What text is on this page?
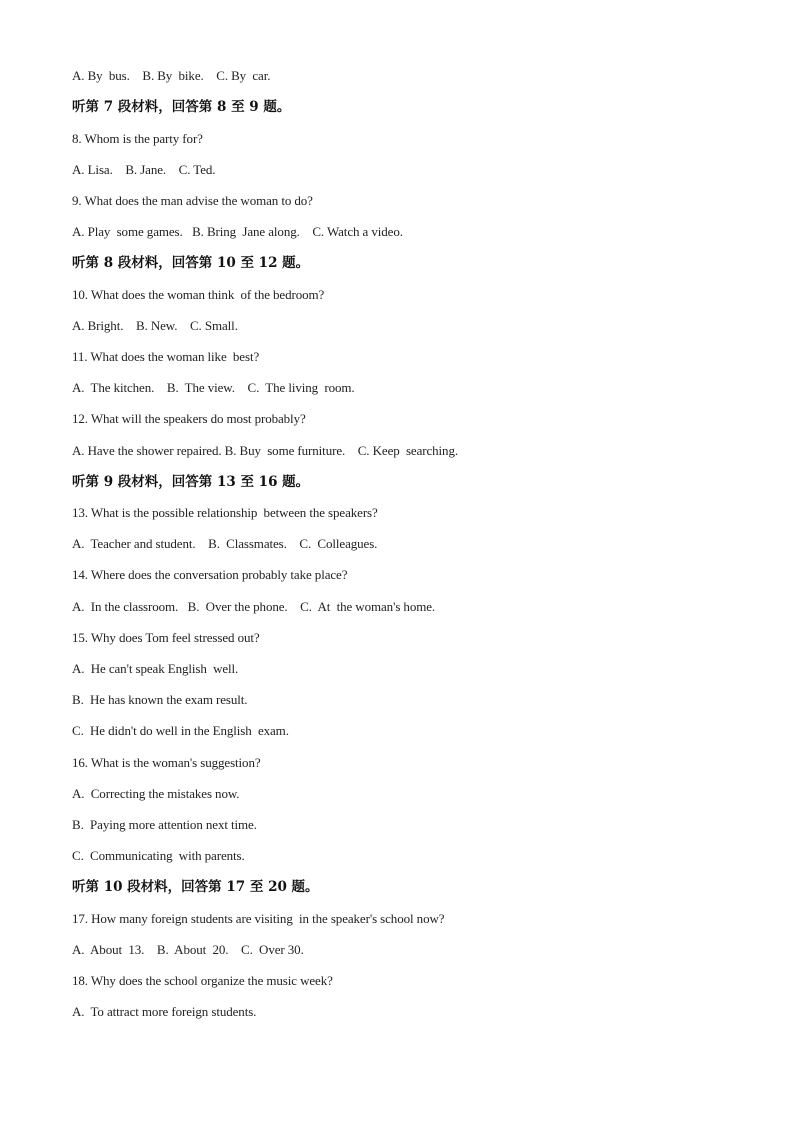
A. By  bus.    B. By  bike.    C. By  car.
听第 7 段材料，回答第 8 至 9 题。
8. Whom is the party for?
A. Lisa.    B. Jane.    C. Ted.
9. What does the man advise the woman to do?
A. Play  some games.   B. Bring  Jane along.    C. Watch a video.
听第 8 段材料，回答第 10 至 12 题。
10. What does the woman think  of the bedroom?
A. Bright.    B. New.    C. Small.
11. What does the woman like  best?
A.  The kitchen.    B.  The view.    C.  The living  room.
12. What will the speakers do most probably?
A. Have the shower repaired. B. Buy  some furniture.    C. Keep  searching.
听第 9 段材料，回答第 13 至 16 题。
13. What is the possible relationship  between the speakers?
A.  Teacher and student.    B.  Classmates.    C.  Colleagues.
14. Where does the conversation probably take place?
A.  In the classroom.   B.  Over the phone.    C.  At  the woman's home.
15. Why does Tom feel stressed out?
A.  He can't speak English  well.
B.  He has known the exam result.
C.  He didn't do well in the English  exam.
16. What is the woman's suggestion?
A.  Correcting the mistakes now.
B.  Paying more attention next time.
C.  Communicating  with parents.
听第 10 段材料，回答第 17 至 20 题。
17. How many foreign students are visiting  in the speaker's school now?
A.  About  13.    B.  About  20.    C.  Over 30.
18. Why does the school organize the music week?
A.  To attract more foreign students.
